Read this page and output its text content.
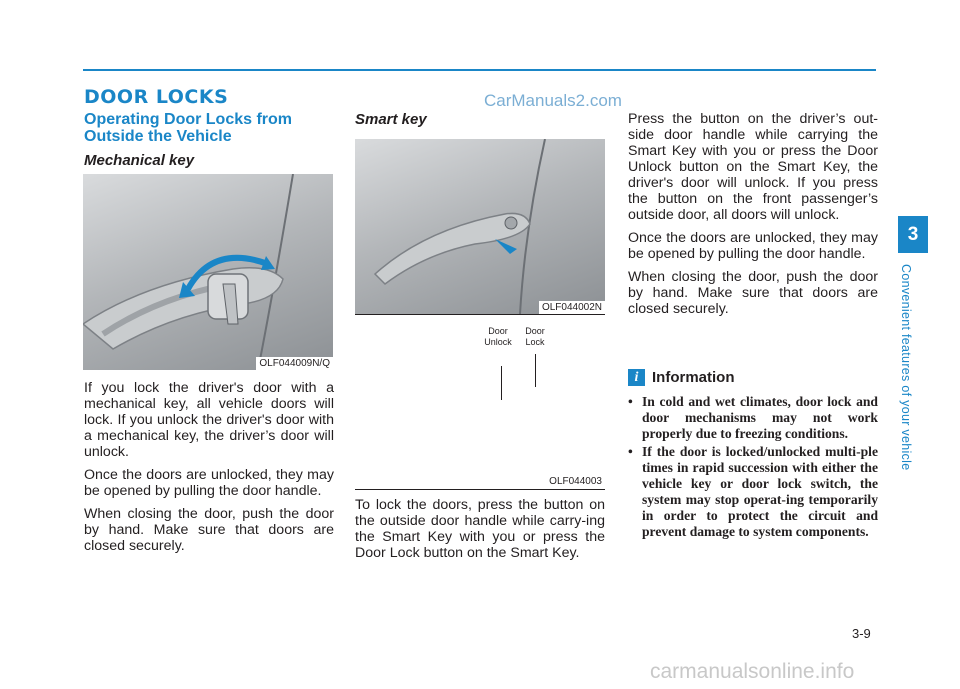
DOOR LOCKS	CarManuals2.com
Operating Door Locks from Outside the Vehicle
Mechanical key
OLF044009N/Q

If you lock the driver's door with a mechanical key, all vehicle doors will lock. If you unlock the driver's door with a mechanical key, the driver’s door will unlock.

Once the doors are unlocked, they may be opened by pulling the door handle.

When closing the door, push the door by hand. Make sure that doors are closed securely.

Smart key
OLF044002N
Door
Unlock
Door
Lock
OLF044003

To lock the doors, press the button on the outside door handle while carry-ing the Smart Key with you or press the Door Lock button on the Smart Key.

Press the button on the driver’s out-side door handle while carrying the Smart Key with you or press the Door Unlock button on the Smart Key, the driver's door will unlock. If you press the button on the front passenger’s outside door, all doors will unlock.

Once the doors are unlocked, they may be opened by pulling the door handle.

When closing the door, push the door by hand. Make sure that doors are closed securely.

i Information
• In cold and wet climates, door lock and door mechanisms may not work properly due to freezing conditions.
• If the door is locked/unlocked multi-ple times in rapid succession with either the vehicle key or door lock switch, the system may stop operat-ing temporarily in order to protect the circuit and prevent damage to system components.
3
Convenient features of your vehicle
3-9
carmanualsonline.info
